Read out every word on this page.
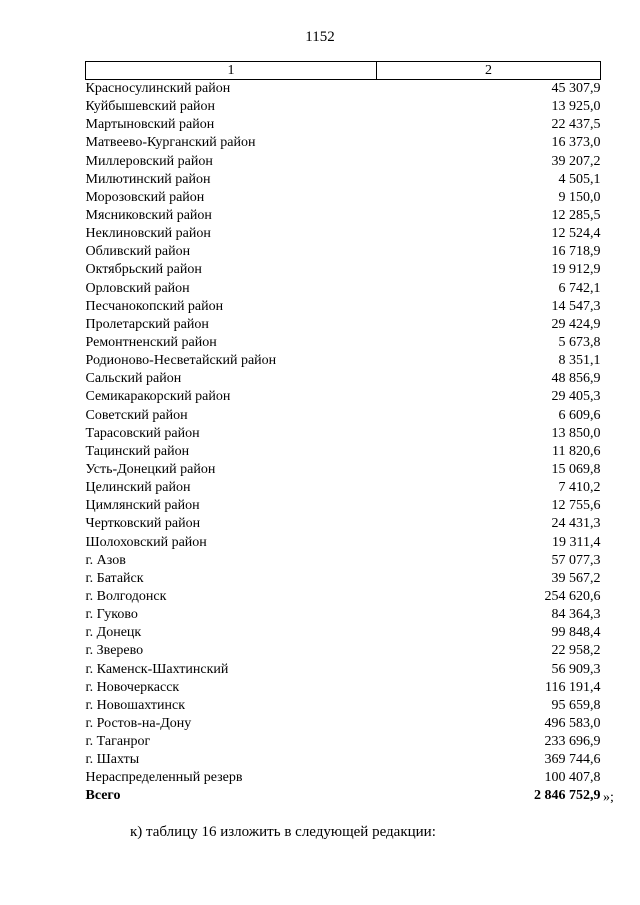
1152
1	2
Красносулинский район	45 307,9
Куйбышевский район	13 925,0
Мартыновский район	22 437,5
Матвеево-Курганский район	16 373,0
Миллеровский район	39 207,2
Милютинский район	4 505,1
Морозовский район	9 150,0
Мясниковский район	12 285,5
Неклиновский район	12 524,4
Обливский район	16 718,9
Октябрьский район	19 912,9
Орловский район	6 742,1
Песчанокопский район	14 547,3
Пролетарский район	29 424,9
Ремонтненский район	5 673,8
Родионово-Несветайский район	8 351,1
Сальский район	48 856,9
Семикаракорский район	29 405,3
Советский район	6 609,6
Тарасовский район	13 850,0
Тацинский район	11 820,6
Усть-Донецкий район	15 069,8
Целинский район	7 410,2
Цимлянский район	12 755,6
Чертковский район	24 431,3
Шолоховский район	19 311,4
г. Азов	57 077,3
г. Батайск	39 567,2
г. Волгодонск	254 620,6
г. Гуково	84 364,3
г. Донецк	99 848,4
г. Зверево	22 958,2
г. Каменск-Шахтинский	56 909,3
г. Новочеркасск	116 191,4
г. Новошахтинск	95 659,8
г. Ростов-на-Дону	496 583,0
г. Таганрог	233 696,9
г. Шахты	369 744,6
Нераспределенный резерв	100 407,8
Всего	2 846 752,9 »;
к) таблицу 16 изложить в следующей редакции:
